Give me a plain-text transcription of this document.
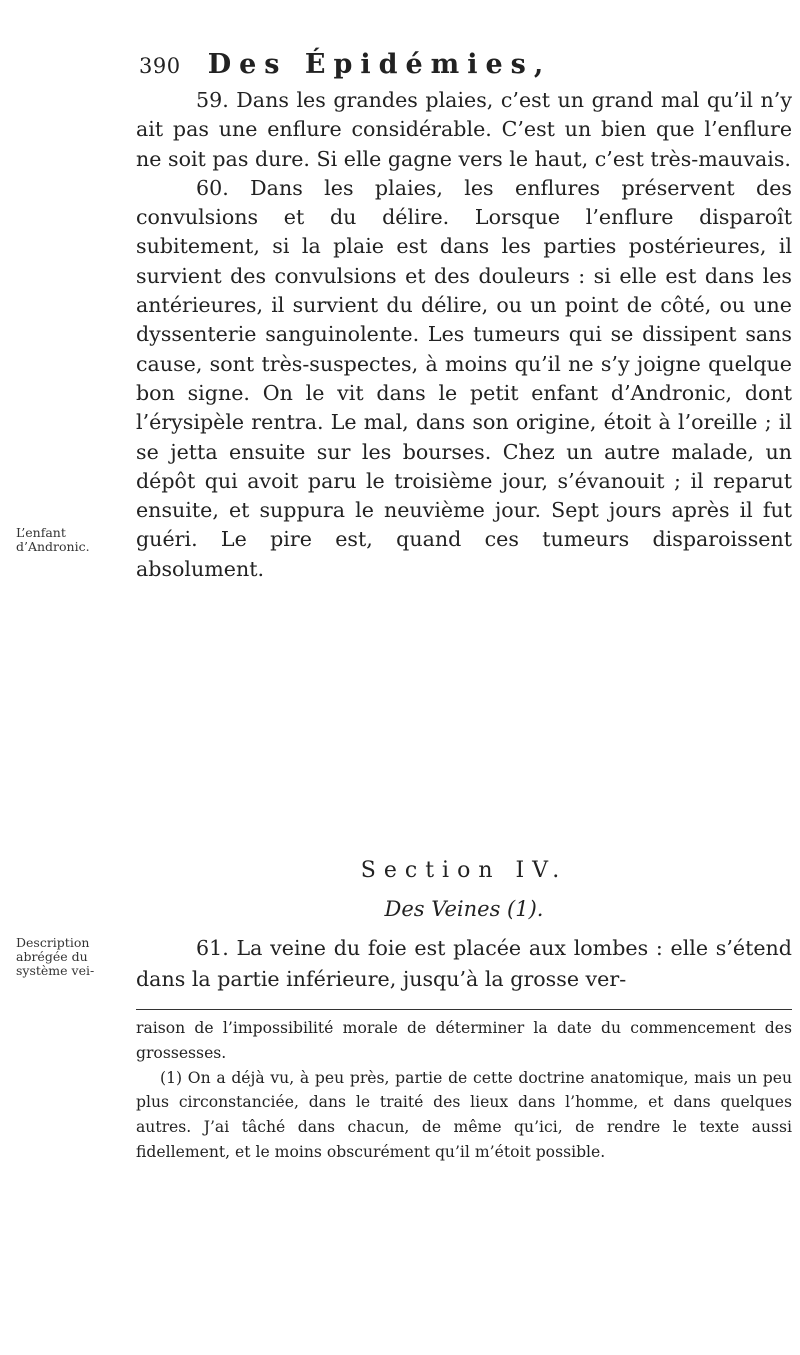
390 Des Épidémies,

59. Dans les grandes plaies, c’est un grand mal qu’il n’y ait pas une enflure considérable. C’est un bien que l’enflure ne soit pas dure. Si elle gagne vers le haut, c’est très-mauvais.

60. Dans les plaies, les enflures préservent des convulsions et du délire. Lorsque l’enflure disparoît subitement, si la plaie est dans les parties postérieures, il survient des convulsions et des douleurs : si elle est dans les antérieures, il survient du délire, ou un point de côté, ou une dyssenterie sanguinolente. Les tumeurs qui se dissipent sans cause, sont très-suspectes, à moins qu’il ne s’y joigne quelque bon signe. On le vit dans le petit enfant d’Andronic, dont l’érysipèle rentra. Le mal, dans son origine, étoit à l’oreille ; il se jetta ensuite sur les bourses. Chez un autre malade, un dépôt qui avoit paru le troisième jour, s’évanouit ; il reparut ensuite, et suppura le neuvième jour. Sept jours après il fut guéri. Le pire est, quand ces tumeurs disparoissent absolument.

L’enfant d’Andronic.
Section IV.
Des Veines (1).
Description abrégée du système vei-

61. La veine du foie est placée aux lombes : elle s’étend dans la partie inférieure, jusqu’à la grosse ver-

raison de l’impossibilité morale de déterminer la date du commencement des grossesses.

(1) On a déjà vu, à peu près, partie de cette doctrine anatomique, mais un peu plus circonstanciée, dans le traité des lieux dans l’homme, et dans quelques autres. J’ai tâché dans chacun, de même qu’ici, de rendre le texte aussi fidellement, et le moins obscurément qu’il m’étoit possible.
